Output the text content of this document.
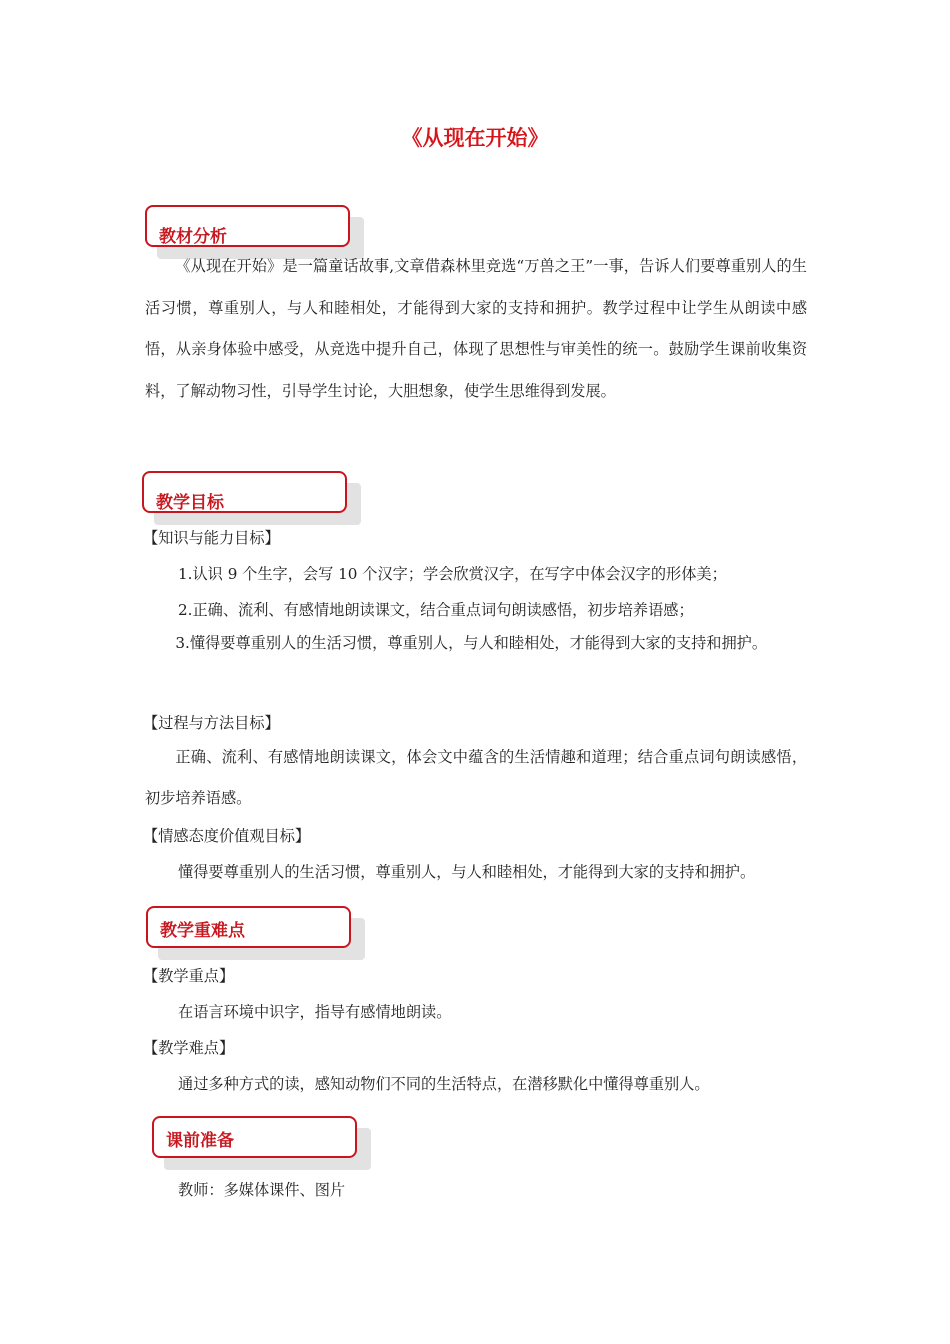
《从现在开始》
教材分析

《从现在开始》是一篇童话故事,文章借森林里竞选“万兽之王”一事，告诉人们要尊重别人的生活习惯，尊重别人，与人和睦相处，才能得到大家的支持和拥护。教学过程中让学生从朗读中感悟，从亲身体验中感受，从竞选中提升自己，体现了思想性与审美性的统一。鼓励学生课前收集资料，了解动物习性，引导学生讨论，大胆想象，使学生思维得到发展。

教学目标

【知识与能力目标】

1.认识 9 个生字，会写 10 个汉字；学会欣赏汉字，在写字中体会汉字的形体美；

2.正确、流利、有感情地朗读课文，结合重点词句朗读感悟，初步培养语感；

3.懂得要尊重别人的生活习惯，尊重别人，与人和睦相处，才能得到大家的支持和拥护。

【过程与方法目标】

正确、流利、有感情地朗读课文，体会文中蕴含的生活情趣和道理；结合重点词句朗读感悟，初步培养语感。

【情感态度价值观目标】

懂得要尊重别人的生活习惯，尊重别人，与人和睦相处，才能得到大家的支持和拥护。

教学重难点

【教学重点】

在语言环境中识字，指导有感情地朗读。

【教学难点】

通过多种方式的读，感知动物们不同的生活特点，在潜移默化中懂得尊重别人。

课前准备

教师：多媒体课件、图片
